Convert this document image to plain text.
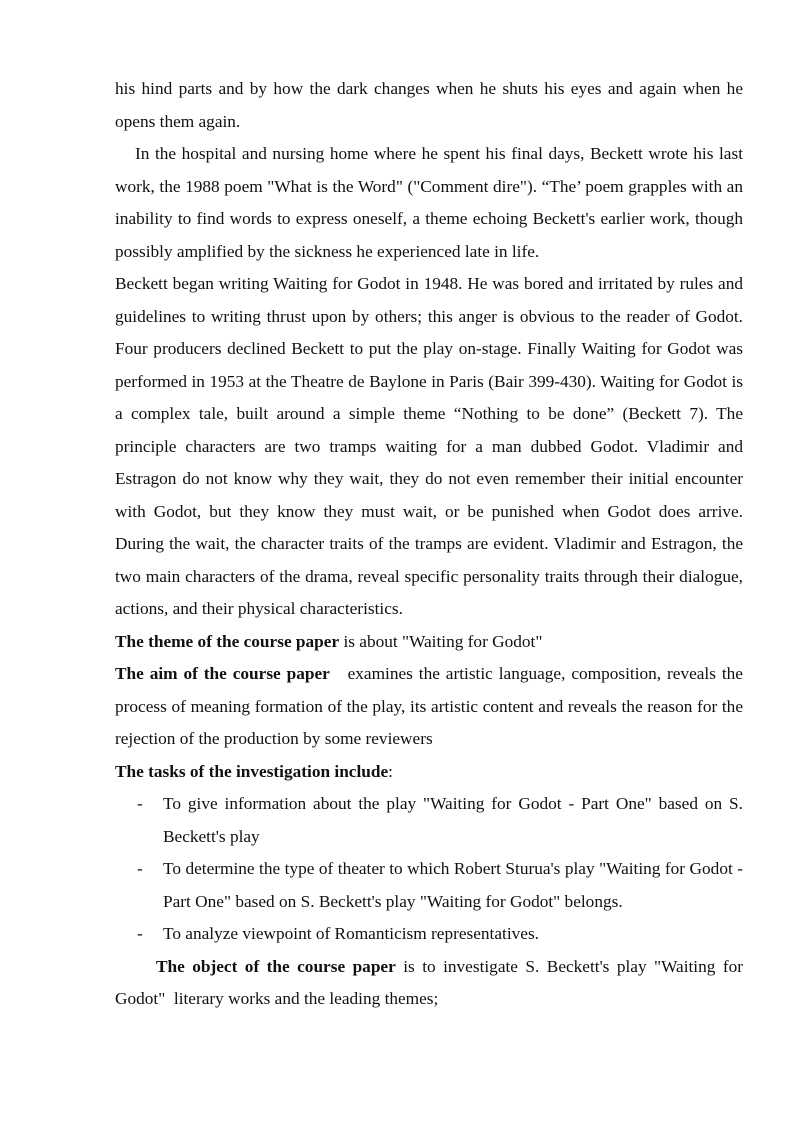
his hind parts and by how the dark changes when he shuts his eyes and again when he opens them again.

In the hospital and nursing home where he spent his final days, Beckett wrote his last work, the 1988 poem "What is the Word" ("Comment dire"). “The’ poem grapples with an inability to find words to express oneself, a theme echoing Beckett's earlier work, though possibly amplified by the sickness he experienced late in life.

Beckett began writing Waiting for Godot in 1948. He was bored and irritated by rules and guidelines to writing thrust upon by others; this anger is obvious to the reader of Godot. Four producers declined Beckett to put the play on-stage. Finally Waiting for Godot was performed in 1953 at the Theatre de Baylone in Paris (Bair 399-430). Waiting for Godot is a complex tale, built around a simple theme “Nothing to be done” (Beckett 7). The principle characters are two tramps waiting for a man dubbed Godot. Vladimir and Estragon do not know why they wait, they do not even remember their initial encounter with Godot, but they know they must wait, or be punished when Godot does arrive. During the wait, the character traits of the tramps are evident. Vladimir and Estragon, the two main characters of the drama, reveal specific personality traits through their dialogue, actions, and their physical characteristics.

The theme of the course paper is about "Waiting for Godot"

The aim of the course paper   examines the artistic language, composition, reveals the process of meaning formation of the play, its artistic content and reveals the reason for the rejection of the production by some reviewers

The tasks of the investigation include:

- To give information about the play "Waiting for Godot - Part One" based on S. Beckett's play
- To determine the type of theater to which Robert Sturua's play "Waiting for Godot - Part One" based on S. Beckett's play "Waiting for Godot" belongs.
- To analyze viewpoint of Romanticism representatives.

The object of the course paper is to investigate S. Beckett's play "Waiting for Godot"  literary works and the leading themes;
